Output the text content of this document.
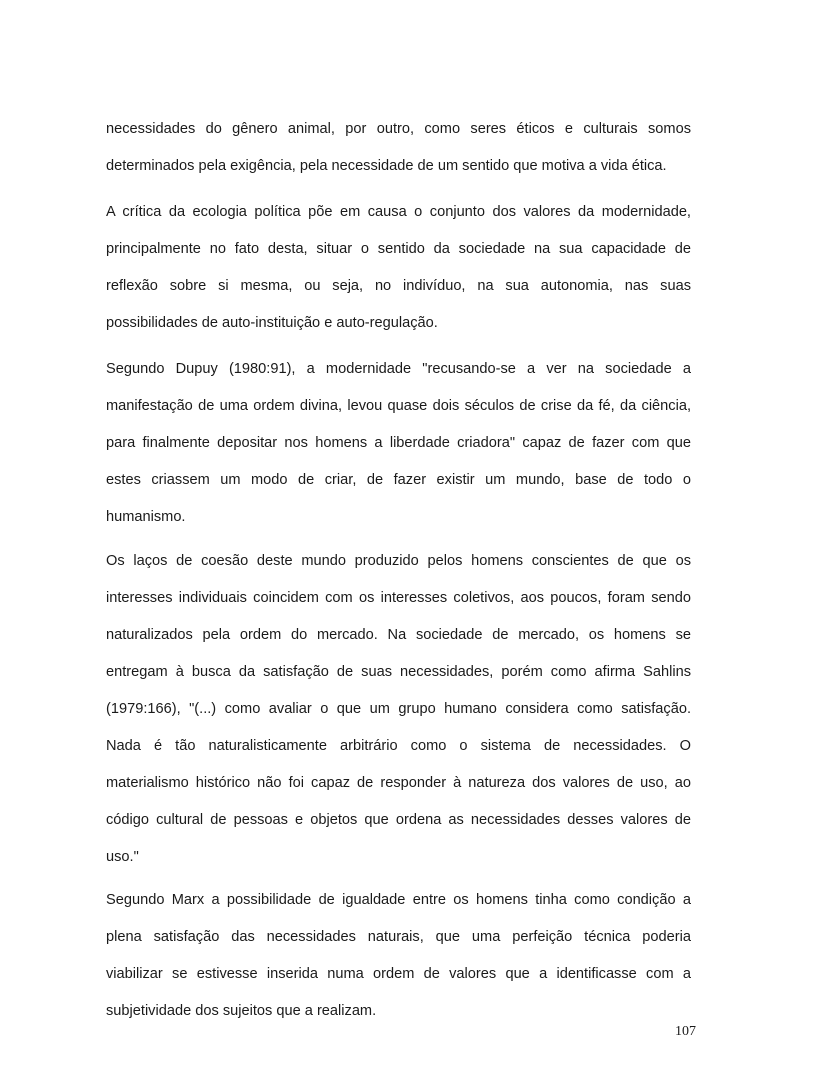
necessidades do gênero animal, por outro, como seres éticos e culturais somos
determinados pela exigência, pela necessidade de um sentido que motiva a vida ética.
A crítica da ecologia política põe em causa o conjunto dos valores da modernidade,
principalmente no fato desta, situar o sentido da sociedade na sua capacidade de
reflexão sobre si mesma, ou seja, no indivíduo, na sua autonomia, nas suas
possibilidades de auto-instituição e auto-regulação.
Segundo Dupuy (1980:91), a modernidade "recusando-se a ver na sociedade a
manifestação de uma ordem divina, levou quase dois séculos de crise da fé, da ciência,
para finalmente depositar nos homens a liberdade criadora" capaz de fazer com que
estes criassem um modo de criar, de fazer existir um mundo, base de todo o
humanismo.
Os laços de coesão deste mundo produzido pelos homens conscientes de que os
interesses individuais coincidem com os interesses coletivos, aos poucos, foram sendo
naturalizados pela ordem do mercado. Na sociedade de mercado, os homens se
entregam à busca da satisfação de suas necessidades, porém como afirma Sahlins
(1979:166), "(...) como avaliar o que um grupo humano considera como satisfação.
Nada é tão naturalisticamente arbitrário como o sistema de necessidades. O
materialismo histórico não foi capaz de responder à natureza dos valores de uso, ao
código cultural de pessoas e objetos que ordena as necessidades desses valores de
uso."
Segundo Marx a possibilidade de igualdade entre os homens tinha como condição a
plena satisfação das necessidades naturais, que uma perfeição técnica poderia
viabilizar se estivesse inserida numa ordem de valores que a identificasse com a
subjetividade dos sujeitos que a realizam.
107
